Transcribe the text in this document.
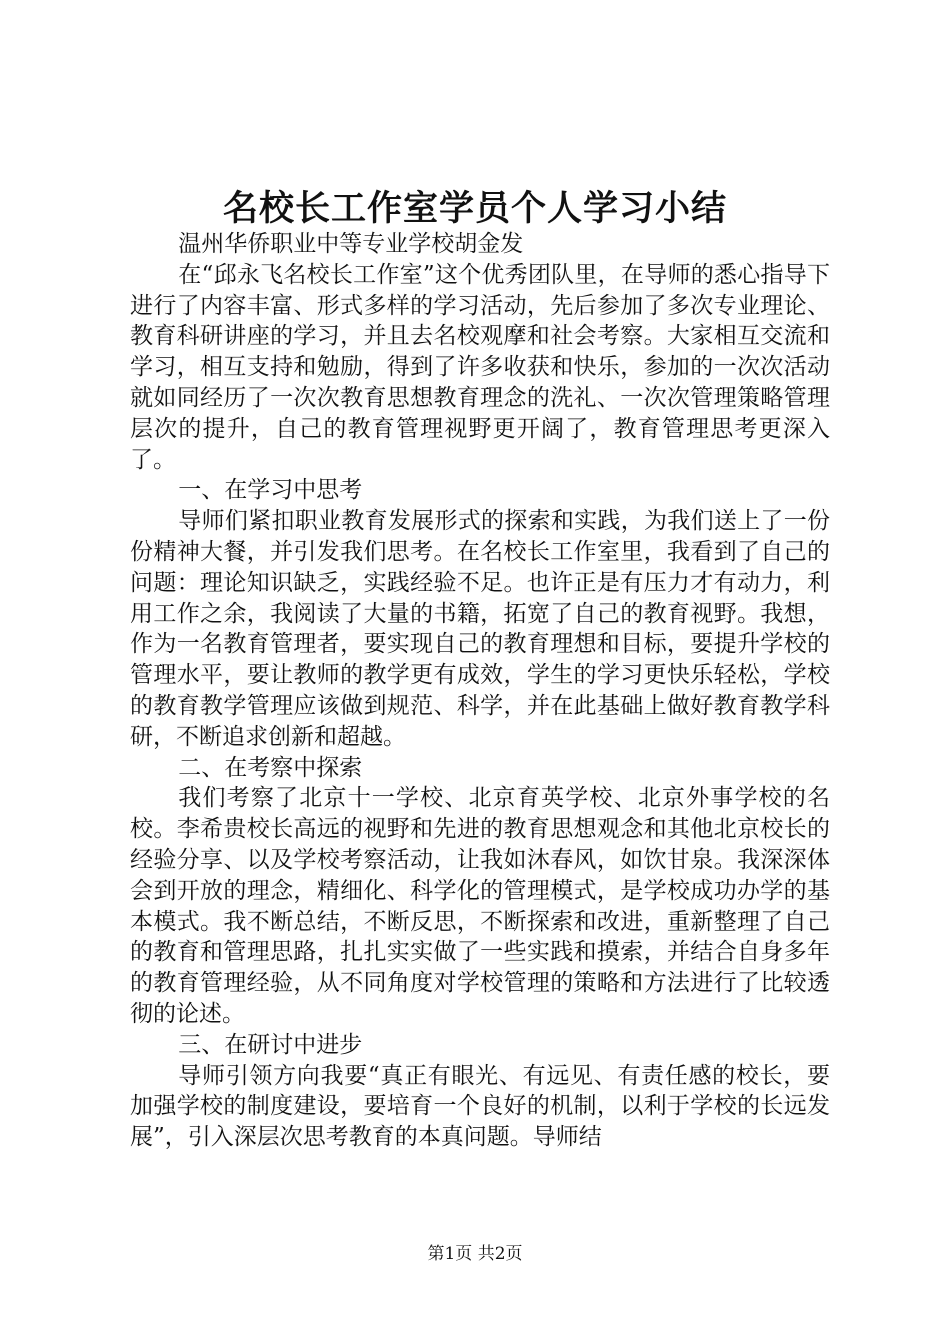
名校长工作室学员个人学习小结

温州华侨职业中等专业学校胡金发

在“邱永飞名校长工作室”这个优秀团队里，在导师的悉心指导下进行了内容丰富、形式多样的学习活动，先后参加了多次专业理论、教育科研讲座的学习，并且去名校观摩和社会考察。大家相互交流和学习，相互支持和勉励，得到了许多收获和快乐，参加的一次次活动就如同经历了一次次教育思想教育理念的洗礼、一次次管理策略管理层次的提升，自己的教育管理视野更开阔了，教育管理思考更深入了。

一、在学习中思考

导师们紧扣职业教育发展形式的探索和实践，为我们送上了一份份精神大餐，并引发我们思考。在名校长工作室里，我看到了自己的问题：理论知识缺乏，实践经验不足。也许正是有压力才有动力，利用工作之余，我阅读了大量的书籍，拓宽了自己的教育视野。我想，作为一名教育管理者，要实现自己的教育理想和目标，要提升学校的管理水平，要让教师的教学更有成效，学生的学习更快乐轻松，学校的教育教学管理应该做到规范、科学，并在此基础上做好教育教学科研，不断追求创新和超越。

二、在考察中探索

我们考察了北京十一学校、北京育英学校、北京外事学校的名校。李希贵校长高远的视野和先进的教育思想观念和其他北京校长的经验分享、以及学校考察活动，让我如沐春风，如饮甘泉。我深深体会到开放的理念，精细化、科学化的管理模式，是学校成功办学的基本模式。我不断总结，不断反思，不断探索和改进，重新整理了自己的教育和管理思路，扎扎实实做了一些实践和摸索，并结合自身多年的教育管理经验，从不同角度对学校管理的策略和方法进行了比较透彻的论述。

三、在研讨中进步

导师引领方向我要“真正有眼光、有远见、有责任感的校长，要加强学校的制度建设，要培育一个良好的机制，以利于学校的长远发展”，引入深层次思考教育的本真问题。导师结

第1页 共2页
